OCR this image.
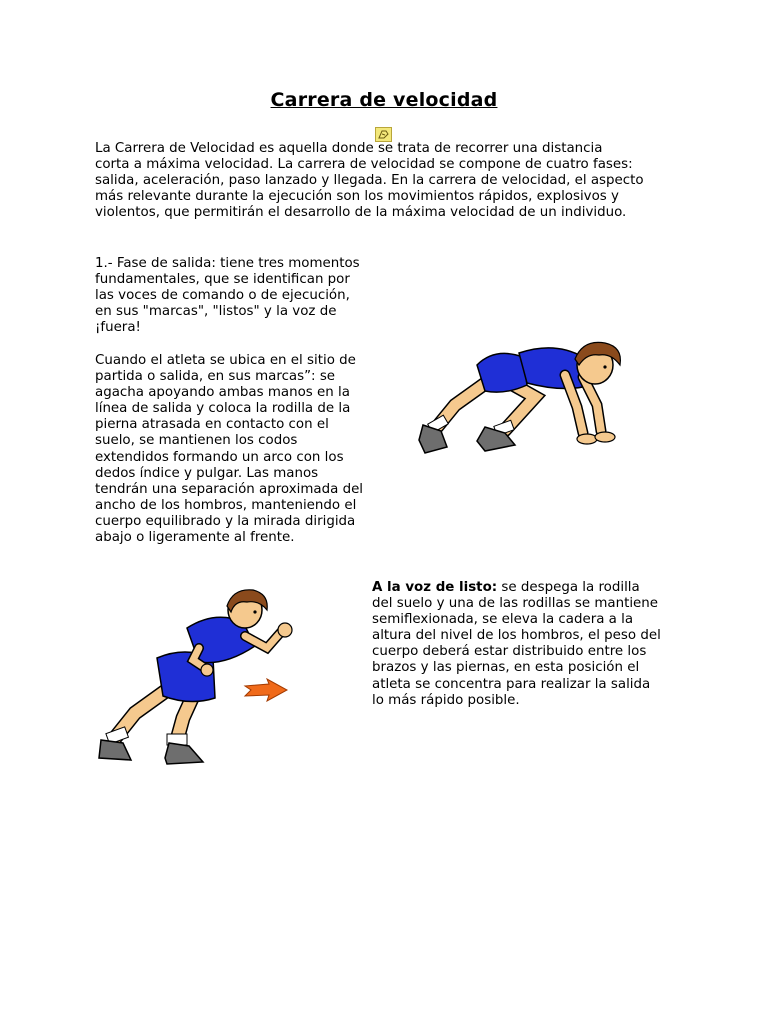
Carrera de velocidad

La Carrera de Velocidad es aquella donde se trata de recorrer una distancia
corta a máxima velocidad. La carrera de velocidad se compone de cuatro fases:
salida, aceleración, paso lanzado y llegada. En la carrera de velocidad, el aspecto
más relevante durante la ejecución son los movimientos rápidos, explosivos y
violentos, que permitirán el desarrollo de la máxima velocidad de un individuo.

1.- Fase de salida: tiene tres momentos
fundamentales, que se identifican por
las voces de comando o de ejecución,
en sus "marcas", "listos" y la voz de
¡fuera!

Cuando el atleta se ubica en el sitio de
partida o salida, en sus marcas”: se
agacha apoyando ambas manos en la
línea de salida y coloca la rodilla de la
pierna atrasada en contacto con el
suelo, se mantienen los codos
extendidos formando un arco con los
dedos índice y pulgar. Las manos
tendrán una separación aproximada del
ancho de los hombros, manteniendo el
cuerpo equilibrado y la mirada dirigida
abajo o ligeramente al frente.

A la voz de listo: se despega la rodilla
del suelo y una de las rodillas se mantiene
semiflexionada, se eleva la cadera a la
altura del nivel de los hombros, el peso del
cuerpo deberá estar distribuido entre los
brazos y las piernas, en esta posición el
atleta se concentra para realizar la salida
lo más rápido posible.
